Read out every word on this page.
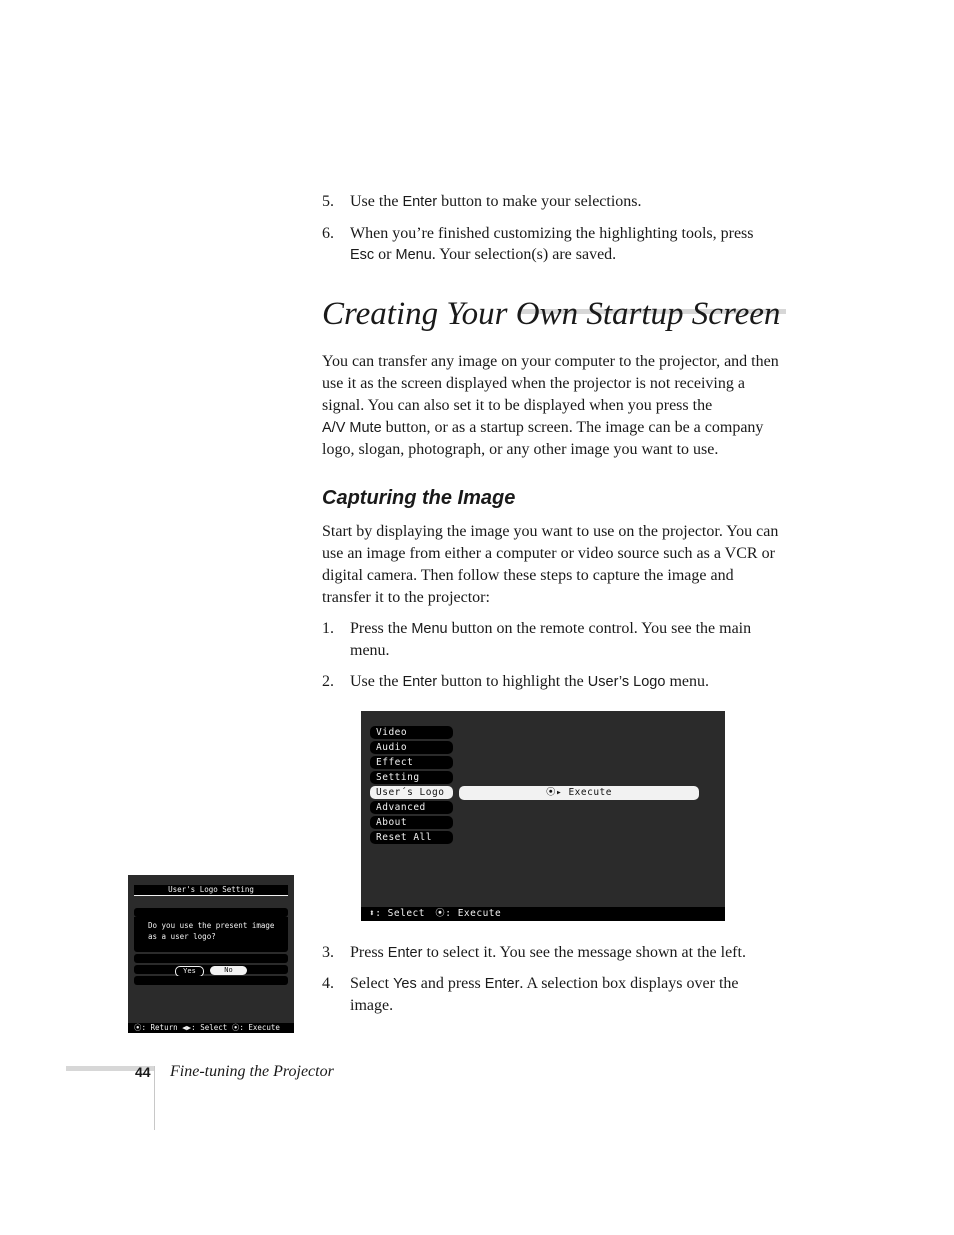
5. Use the Enter button to make your selections.
6. When you’re finished customizing the highlighting tools, press
Esc or Menu. Your selection(s) are saved.
Creating Your Own Startup Screen
You can transfer any image on your computer to the projector, and then use it as the screen displayed when the projector is not receiving a signal. You can also set it to be displayed when you press the
A/V Mute button, or as a startup screen. The image can be a company logo, slogan, photograph, or any other image you want to use.
Capturing the Image
Start by displaying the image you want to use on the projector. You can use an image from either a computer or video source such as a VCR or digital camera. Then follow these steps to capture the image and transfer it to the projector:
1. Press the Menu button on the remote control. You see the main menu.
2. Use the Enter button to highlight the User’s Logo menu.
Video
Audio
Effect
Setting
User´s Logo
Advanced
About
Reset All
⦿▸ Execute
⬍: Select ⦿: Execute
User's Logo Setting
Do you use the present image
as a user logo?
Yes	No
⦿: Return ◀▶: Select ⦿: Execute
3. Press Enter to select it. You see the message shown at the left.
4. Select Yes and press Enter. A selection box displays over the image.
44 Fine-tuning the Projector
